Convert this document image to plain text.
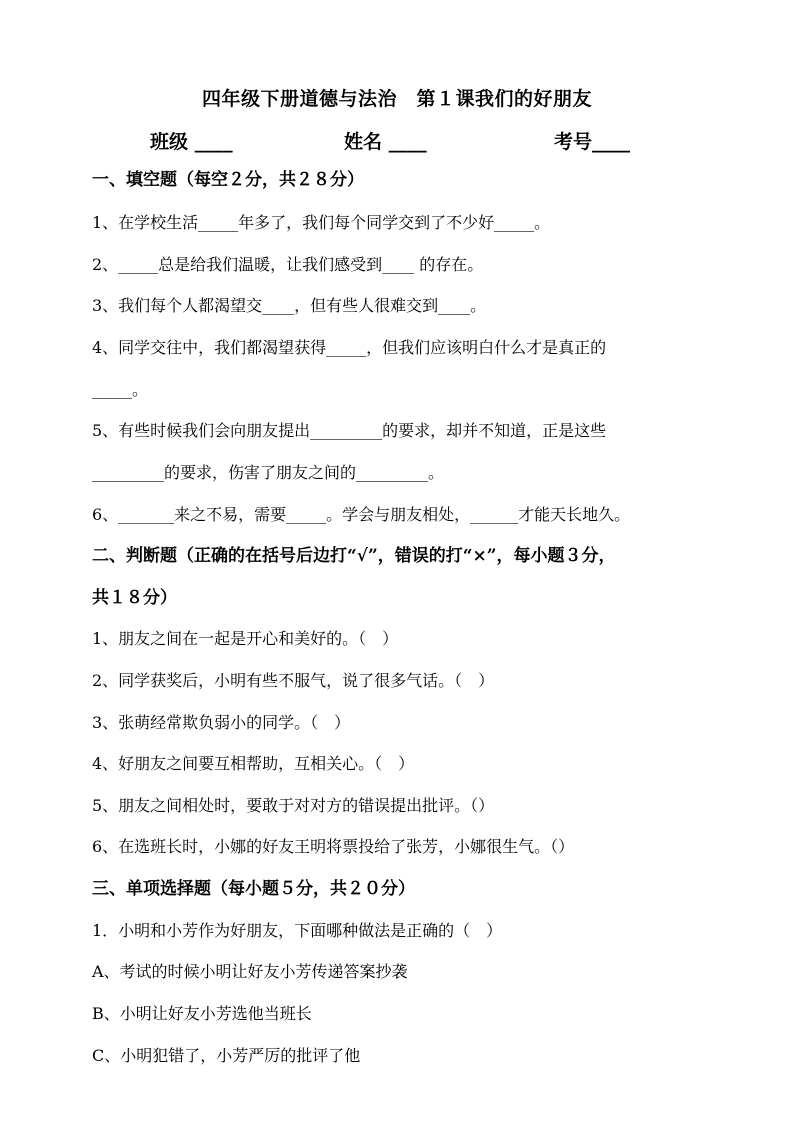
四年级下册道德与法治　第１课我们的好朋友
班级 ____	姓名 ____	考号____
一、填空题（每空２分，共２８分）
1、在学校生活_____年多了，我们每个同学交到了不少好_____。
2、_____总是给我们温暖，让我们感受到____ 的存在。
3、我们每个人都渴望交____，但有些人很难交到____。
4、同学交往中，我们都渴望获得_____，但我们应该明白什么才是真正的
_____。
5、有些时候我们会向朋友提出_________的要求，却并不知道，正是这些
_________的要求，伤害了朋友之间的_________。
6、_______来之不易，需要_____。学会与朋友相处，______才能天长地久。
二、判断题（正确的在括号后边打“√”，错误的打“×”，每小题３分，
共１８分）
1、朋友之间在一起是开心和美好的。（　）
2、同学获奖后，小明有些不服气，说了很多气话。（　）
3、张萌经常欺负弱小的同学。（　）
4、好朋友之间要互相帮助，互相关心。（　）
5、朋友之间相处时，要敢于对对方的错误提出批评。（）
6、在选班长时，小娜的好友王明将票投给了张芳，小娜很生气。（）
三、单项选择题（每小题５分，共２０分）
1．小明和小芳作为好朋友，下面哪种做法是正确的（　）
A、考试的时候小明让好友小芳传递答案抄袭
B、小明让好友小芳选他当班长
C、小明犯错了，小芳严厉的批评了他
